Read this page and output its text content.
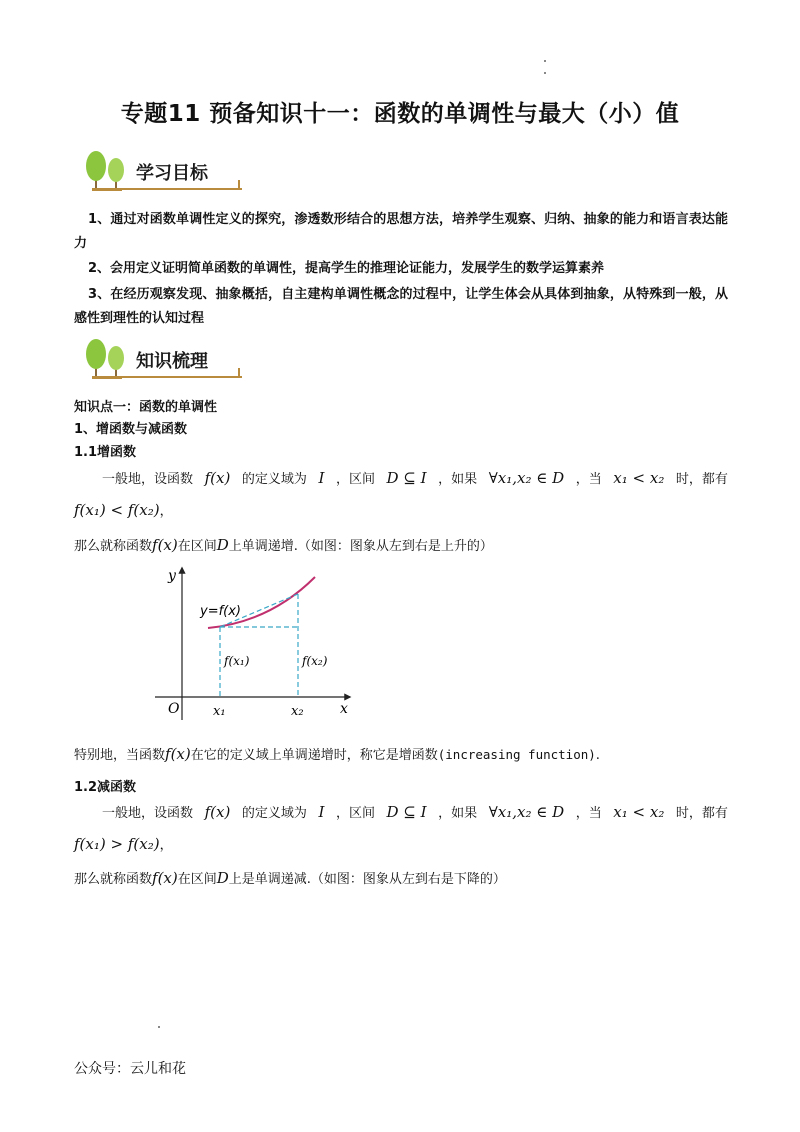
专题11 预备知识十一：函数的单调性与最大（小）值
学习目标
1、通过对函数单调性定义的探究，渗透数形结合的思想方法，培养学生观察、归纳、抽象的能力和语言表达能力
2、会用定义证明简单函数的单调性，提高学生的推理论证能力，发展学生的数学运算素养
3、在经历观察发现、抽象概括，自主建构单调性概念的过程中，让学生体会从具体到抽象，从特殊到一般，从感性到理性的认知过程
知识梳理
知识点一：函数的单调性
1、增函数与减函数
1.1增函数
一般地，设函数 f(x) 的定义域为 I ，区间 D ⊆ I ，如果 ∀x₁,x₂ ∈ D ，当 x₁ < x₂ 时，都有
f(x₁) < f(x₂)，
那么就称函数f(x)在区间D上单调递增.（如图：图象从左到右是上升的）
y
x
O
y=f(x)
f(x₁)	f(x₂)
x₁	x₂
特别地，当函数f(x)在它的定义域上单调递增时，称它是增函数(increasing function).
1.2减函数
一般地，设函数 f(x) 的定义域为 I ，区间 D ⊆ I ，如果 ∀x₁,x₂ ∈ D ，当 x₁ < x₂ 时，都有
f(x₁) > f(x₂)，
那么就称函数f(x)在区间D上是单调递减.（如图：图象从左到右是下降的）
公众号：云儿和花
